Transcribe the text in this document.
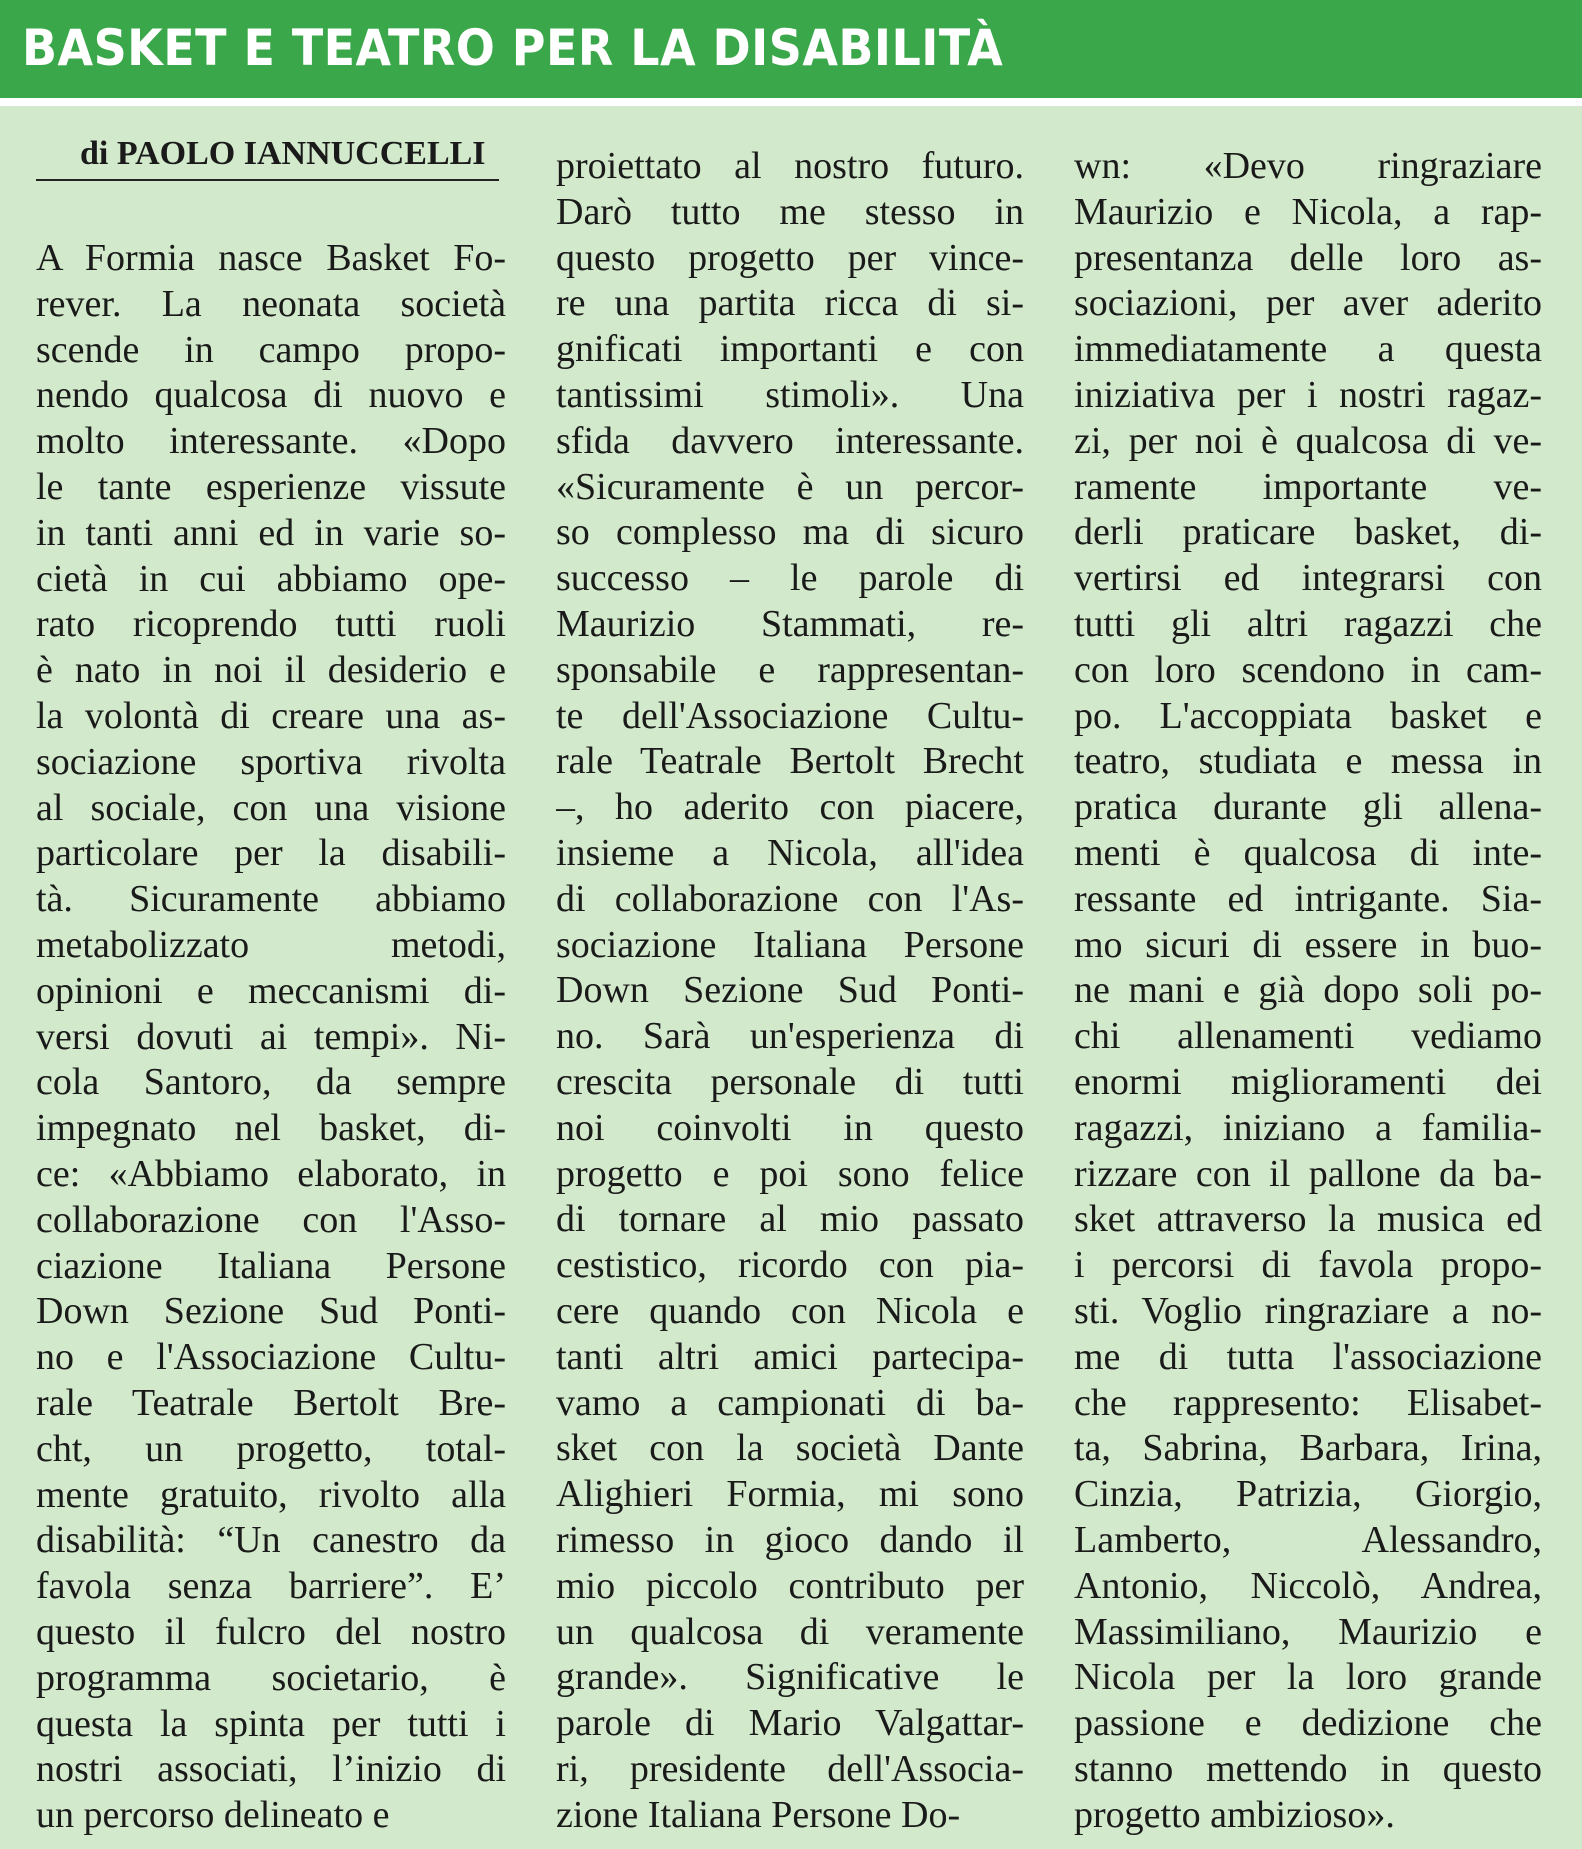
BASKET E TEATRO PER LA DISABILITÀ
di PAOLO IANNUCCELLI
A Formia nasce Basket Fo-
rever. La neonata società
scende in campo propo-
nendo qualcosa di nuovo e
molto interessante. «Dopo
le tante esperienze vissute
in tanti anni ed in varie so-
cietà in cui abbiamo ope-
rato ricoprendo tutti ruoli
è nato in noi il desiderio e
la volontà di creare una as-
sociazione sportiva rivolta
al sociale, con una visione
particolare per la disabili-
tà. Sicuramente abbiamo
metabolizzato metodi,
opinioni e meccanismi di-
versi dovuti ai tempi». Ni-
cola Santoro, da sempre
impegnato nel basket, di-
ce: «Abbiamo elaborato, in
collaborazione con l'Asso-
ciazione Italiana Persone
Down Sezione Sud Ponti-
no e l'Associazione Cultu-
rale Teatrale Bertolt Bre-
cht, un progetto, total-
mente gratuito, rivolto alla
disabilità: “Un canestro da
favola senza barriere”. E’
questo il fulcro del nostro
programma societario, è
questa la spinta per tutti i
nostri associati, l’inizio di
un percorso delineato e
proiettato al nostro futuro.
Darò tutto me stesso in
questo progetto per vince-
re una partita ricca di si-
gnificati importanti e con
tantissimi stimoli». Una
sfida davvero interessante.
«Sicuramente è un percor-
so complesso ma di sicuro
successo – le parole di
Maurizio Stammati, re-
sponsabile e rappresentan-
te dell'Associazione Cultu-
rale Teatrale Bertolt Brecht
–, ho aderito con piacere,
insieme a Nicola, all'idea
di collaborazione con l'As-
sociazione Italiana Persone
Down Sezione Sud Ponti-
no. Sarà un'esperienza di
crescita personale di tutti
noi coinvolti in questo
progetto e poi sono felice
di tornare al mio passato
cestistico, ricordo con pia-
cere quando con Nicola e
tanti altri amici partecipa-
vamo a campionati di ba-
sket con la società Dante
Alighieri Formia, mi sono
rimesso in gioco dando il
mio piccolo contributo per
un qualcosa di veramente
grande». Significative le
parole di Mario Valgattar-
ri, presidente dell'Associa-
zione Italiana Persone Do-
wn: «Devo ringraziare
Maurizio e Nicola, a rap-
presentanza delle loro as-
sociazioni, per aver aderito
immediatamente a questa
iniziativa per i nostri ragaz-
zi, per noi è qualcosa di ve-
ramente importante ve-
derli praticare basket, di-
vertirsi ed integrarsi con
tutti gli altri ragazzi che
con loro scendono in cam-
po. L'accoppiata basket e
teatro, studiata e messa in
pratica durante gli allena-
menti è qualcosa di inte-
ressante ed intrigante. Sia-
mo sicuri di essere in buo-
ne mani e già dopo soli po-
chi allenamenti vediamo
enormi miglioramenti dei
ragazzi, iniziano a familia-
rizzare con il pallone da ba-
sket attraverso la musica ed
i percorsi di favola propo-
sti. Voglio ringraziare a no-
me di tutta l'associazione
che rappresento: Elisabet-
ta, Sabrina, Barbara, Irina,
Cinzia, Patrizia, Giorgio,
Lamberto, Alessandro,
Antonio, Niccolò, Andrea,
Massimiliano, Maurizio e
Nicola per la loro grande
passione e dedizione che
stanno mettendo in questo
progetto ambizioso».
